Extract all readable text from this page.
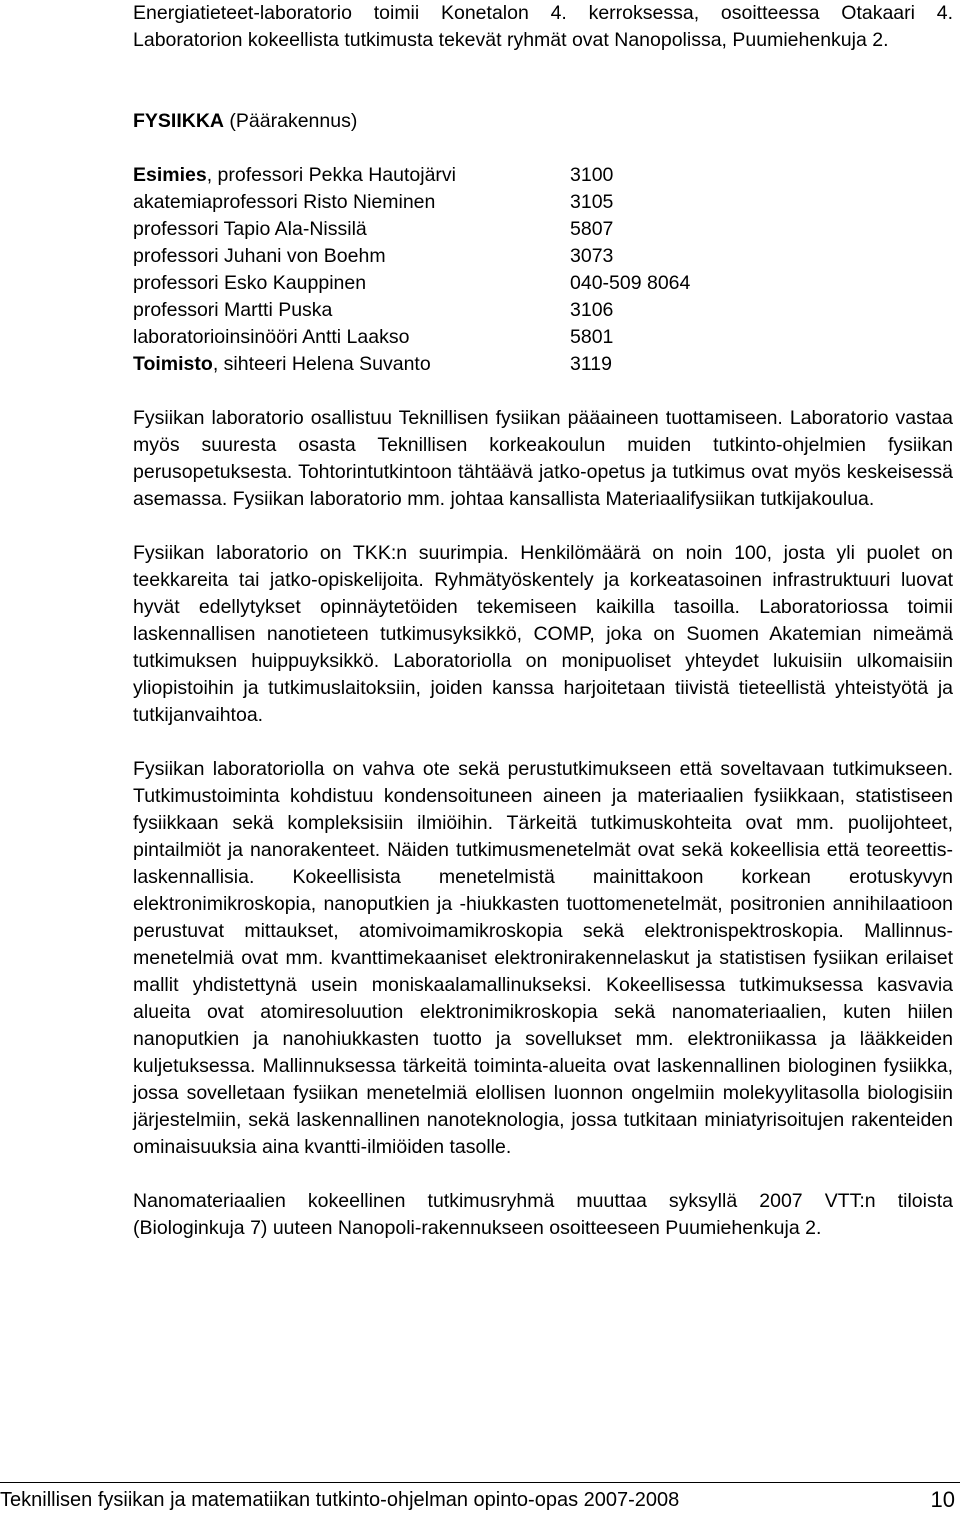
Energiatieteet-laboratorio toimii Konetalon 4. kerroksessa, osoitteessa Otakaari 4. Laboratorion kokeellista tutkimusta tekevät ryhmät ovat Nanopolissa, Puumiehenkuja 2.

FYSIIKKA (Päärakennus)
Esimies, professori Pekka Hautojärvi	3100
akatemiaprofessori Risto Nieminen	3105
professori Tapio Ala-Nissilä	5807
professori Juhani von Boehm	3073
professori Esko Kauppinen	040-509 8064
professori Martti Puska	3106
laboratorioinsinööri Antti Laakso	5801
Toimisto, sihteeri Helena Suvanto	3119

Fysiikan laboratorio osallistuu Teknillisen fysiikan pääaineen tuottamiseen. Laboratorio vastaa myös suuresta osasta Teknillisen korkeakoulun muiden tutkinto-ohjelmien fysiikan perusopetuksesta. Tohtorintutkintoon tähtäävä jatko-opetus ja tutkimus ovat myös keskeisessä asemassa. Fysiikan laboratorio mm. johtaa kansallista Materiaalifysiikan tutkijakoulua.

Fysiikan laboratorio on TKK:n suurimpia. Henkilömäärä on noin 100, josta yli puolet on teekkareita tai jatko-opiskelijoita. Ryhmätyöskentely ja korkeatasoinen infrastruktuuri luovat hyvät edellytykset opinnäytetöiden tekemiseen kaikilla tasoilla. Laboratoriossa toimii laskennallisen nanotieteen tutkimusyksikkö, COMP, joka on Suomen Akatemian nimeämä tutkimuksen huippuyksikkö. Laboratoriolla on monipuoliset yhteydet lukuisiin ulkomaisiin yliopistoihin ja tutkimuslaitoksiin, joiden kanssa harjoitetaan tiivistä tieteellistä yhteistyötä ja tutkijanvaihtoa.

Fysiikan laboratoriolla on vahva ote sekä perustutkimukseen että soveltavaan tutkimukseen. Tutkimustoiminta kohdistuu kondensoituneen aineen ja materiaalien fysiikkaan, statistiseen fysiikkaan sekä kompleksisiin ilmiöihin. Tärkeitä tutkimuskohteita ovat mm. puolijohteet, pintailmiöt ja nanorakenteet. Näiden tutkimusmenetelmät ovat sekä kokeellisia että teoreettis-laskennallisia. Kokeellisista menetelmistä mainittakoon korkean erotuskyvyn elektronimikroskopia, nanoputkien ja -hiukkasten tuottomenetelmät, positronien annihilaatioon perustuvat mittaukset, atomivoimamikroskopia sekä elektronispektroskopia. Mallinnus-menetelmiä ovat mm. kvanttimekaaniset elektronirakennelaskut ja statistisen fysiikan erilaiset mallit yhdistettynä usein moniskaalamallinukseksi. Kokeellisessa tutkimuksessa kasvavia alueita ovat atomiresoluution elektronimikroskopia sekä nanomateriaalien, kuten hiilen nanoputkien ja nanohiukkasten tuotto ja sovellukset mm. elektroniikassa ja lääkkeiden kuljetuksessa. Mallinnuksessa tärkeitä toiminta-alueita ovat laskennallinen biologinen fysiikka, jossa sovelletaan fysiikan menetelmiä elollisen luonnon ongelmiin molekyylitasolla biologisiin järjestelmiin, sekä laskennallinen nanoteknologia, jossa tutkitaan miniatyrisoitujen rakenteiden ominaisuuksia aina kvantti-ilmiöiden tasolle.

Nanomateriaalien kokeellinen tutkimusryhmä muuttaa syksyllä 2007 VTT:n tiloista (Biologinkuja 7) uuteen Nanopoli-rakennukseen osoitteeseen Puumiehenkuja 2.

Teknillisen fysiikan ja matematiikan tutkinto-ohjelman opinto-opas 2007-2008	10
